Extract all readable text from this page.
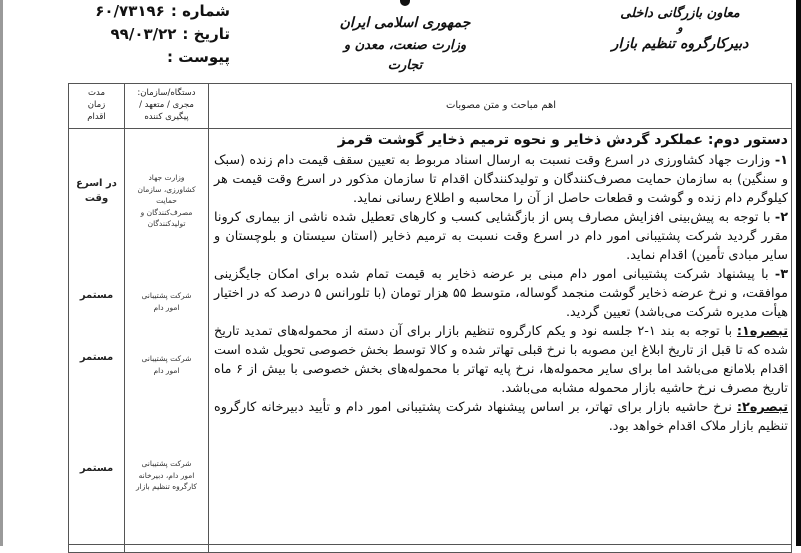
معاون بازرگانی داخلی
و
دبیرکارگروه تنظیم بازار
جمهوری اسلامی ایران
وزارت صنعت، معدن و تجارت
شماره :
۶۰/۷۳۱۹۶
تاریخ :
۹۹/۰۳/۲۲
پیوست :
مدت
زمان
اقدام
دستگاه/سازمان:
مجری / متعهد /
پیگیری کننده
اهم مباحث و متن مصوبات
در اسرع
وقت
مستمر
مستمر
مستمر
وزارت جهاد
کشاورزی، سازمان
حمایت
مصرف‌کنندگان و
تولیدکنندگان
شرکت پشتیبانی
امور دام
شرکت پشتیبانی
امور دام
شرکت پشتیبانی
امور دام، دبیرخانه
کارگروه تنظیم بازار

دستور دوم: عملکرد گردش ذخایر و نحوه ترمیم ذخایر گوشت قرمز

۱- وزارت جهاد کشاورزی در اسرع وقت نسبت به ارسال اسناد مربوط به تعیین سقف قیمت دام زنده (سبک و سنگین) به سازمان حمایت مصرف‌کنندگان و تولیدکنندگان اقدام تا سازمان مذکور در اسرع وقت قیمت هر کیلوگرم دام زنده و گوشت و قطعات حاصل از آن را محاسبه و اطلاع رسانی نماید.

۲- با توجه به پیش‌بینی افزایش مصارف پس از بازگشایی کسب و کارهای تعطیل شده ناشی از بیماری کرونا مقرر گردید شرکت پشتیبانی امور دام در اسرع وقت نسبت به ترمیم ذخایر (استان سیستان و بلوچستان و سایر مبادی تأمین) اقدام نماید.

۳- با پیشنهاد شرکت پشتیبانی امور دام مبنی بر عرضه ذخایر به قیمت تمام شده برای امکان جایگزینی موافقت، و نرخ عرضه ذخایر گوشت منجمد گوساله، متوسط ۵۵ هزار تومان (با تلورانس ۵ درصد که در اختیار هیأت مدیره شرکت می‌باشد) تعیین گردید.

تبصره۱: با توجه به بند ۱-۲ جلسه نود و یکم کارگروه تنظیم بازار برای آن دسته از محموله‌های تمدید تاریخ شده که تا قبل از تاریخ ابلاغ این مصوبه با نرخ قبلی تهاتر شده و کالا توسط بخش خصوصی تحویل شده است اقدام بلامانع می‌باشد اما برای سایر محموله‌ها، نرخ پایه تهاتر با محموله‌های بخش خصوصی با بیش از ۶ ماه تاریخ مصرف نرخ حاشیه بازار محموله مشابه می‌باشد.

تبصره۲: نرخ حاشیه بازار برای تهاتر، بر اساس پیشنهاد شرکت پشتیبانی امور دام و تأیید دبیرخانه کارگروه تنظیم بازار ملاک اقدام خواهد بود.
